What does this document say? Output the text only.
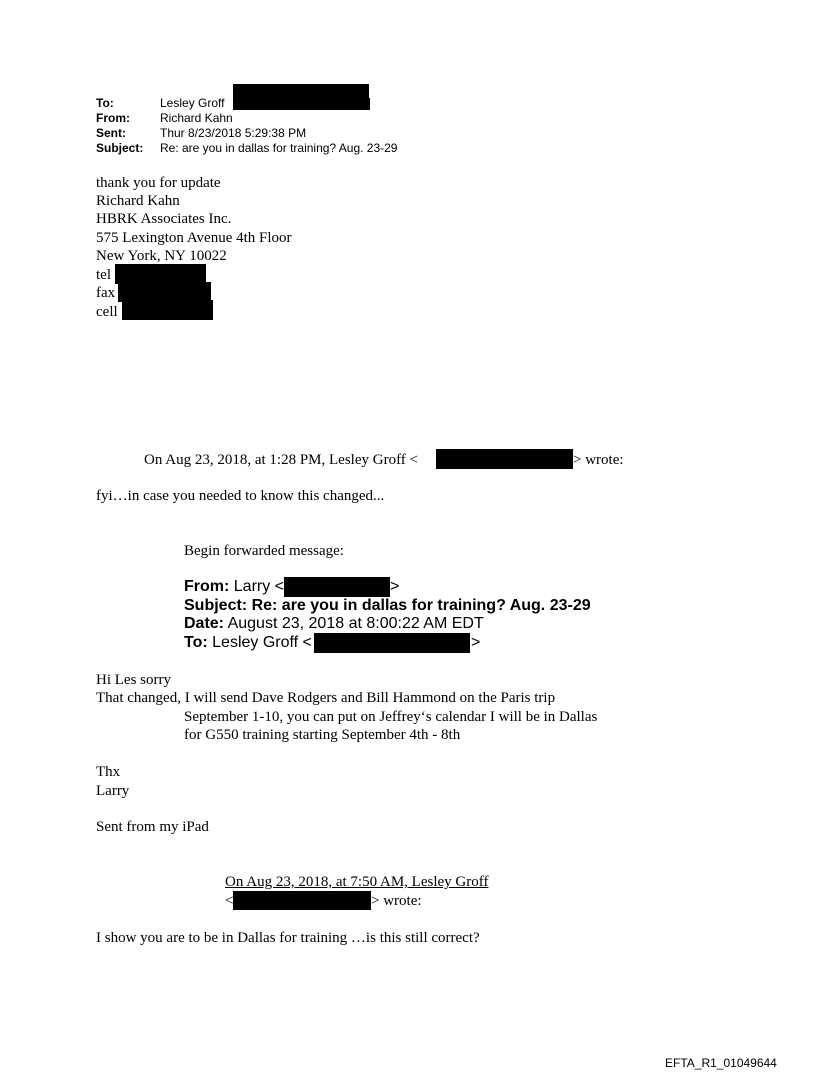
To:	Lesley Groff
From:	Richard Kahn
Sent:	Thur 8/23/2018 5:29:38 PM
Subject: Re: are you in dallas for training? Aug. 23-29
thank you for update
Richard Kahn
HBRK Associates Inc.
575 Lexington Avenue 4th Floor
New York, NY 10022
tel
fax
cell
On Aug 23, 2018, at 1:28 PM, Lesley Groff <	> wrote:
fyi…in case you needed to know this changed...
Begin forwarded message:
From: Larry <	>
Subject: Re: are you in dallas for training? Aug. 23-29
Date: August 23, 2018 at 8:00:22 AM EDT
To: Lesley Groff <	>
Hi Les sorry
That changed, I will send Dave Rodgers and Bill Hammond on the Paris trip
September 1-10, you can put on Jeffrey‘s calendar I will be in Dallas
for G550 training starting September 4th - 8th
Thx
Larry
Sent from my iPad
On Aug 23, 2018, at 7:50 AM, Lesley Groff
<	> wrote:
I show you are to be in Dallas for training …is this still correct?
EFTA_R1_01049644
